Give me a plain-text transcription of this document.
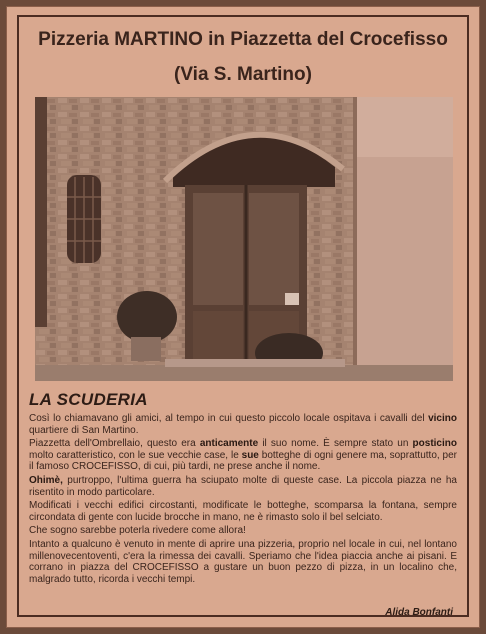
Pizzeria MARTINO in Piazzetta del Crocefisso
(Via S. Martino)
LA SCUDERIA

Così lo chiamavano gli amici, al tempo in cui questo piccolo locale ospitava i cavalli del vicino quartiere di San Martino.

Piazzetta dell'Ombrellaio, questo era anticamente il suo nome. È sempre stato un posticino molto caratteristico, con le sue vecchie case, le sue botteghe di ogni genere ma, soprattutto, per il famoso CROCEFISSO, di cui, più tardi, ne prese anche il nome.

Ohimè, purtroppo, l'ultima guerra ha sciupato molte di queste case. La piccola piazza ne ha risentito in modo particolare.

Modificati i vecchi edifici circostanti, modificate le botteghe, scomparsa la fontana, sempre circondata di gente con lucide brocche in mano, ne è rimasto solo il bel selciato.

Che sogno sarebbe poterla rivedere come allora!

Intanto a qualcuno è venuto in mente di aprire una pizzeria, proprio nel locale in cui, nel lontano millenovecentoventi, c'era la rimessa dei cavalli. Speriamo che l'idea piaccia anche ai pisani. E corrano in piazza del CROCEFISSO a gustare un buon pezzo di pizza, in un localino che, malgrado tutto, ricorda i vecchi tempi.

Alida Bonfanti
